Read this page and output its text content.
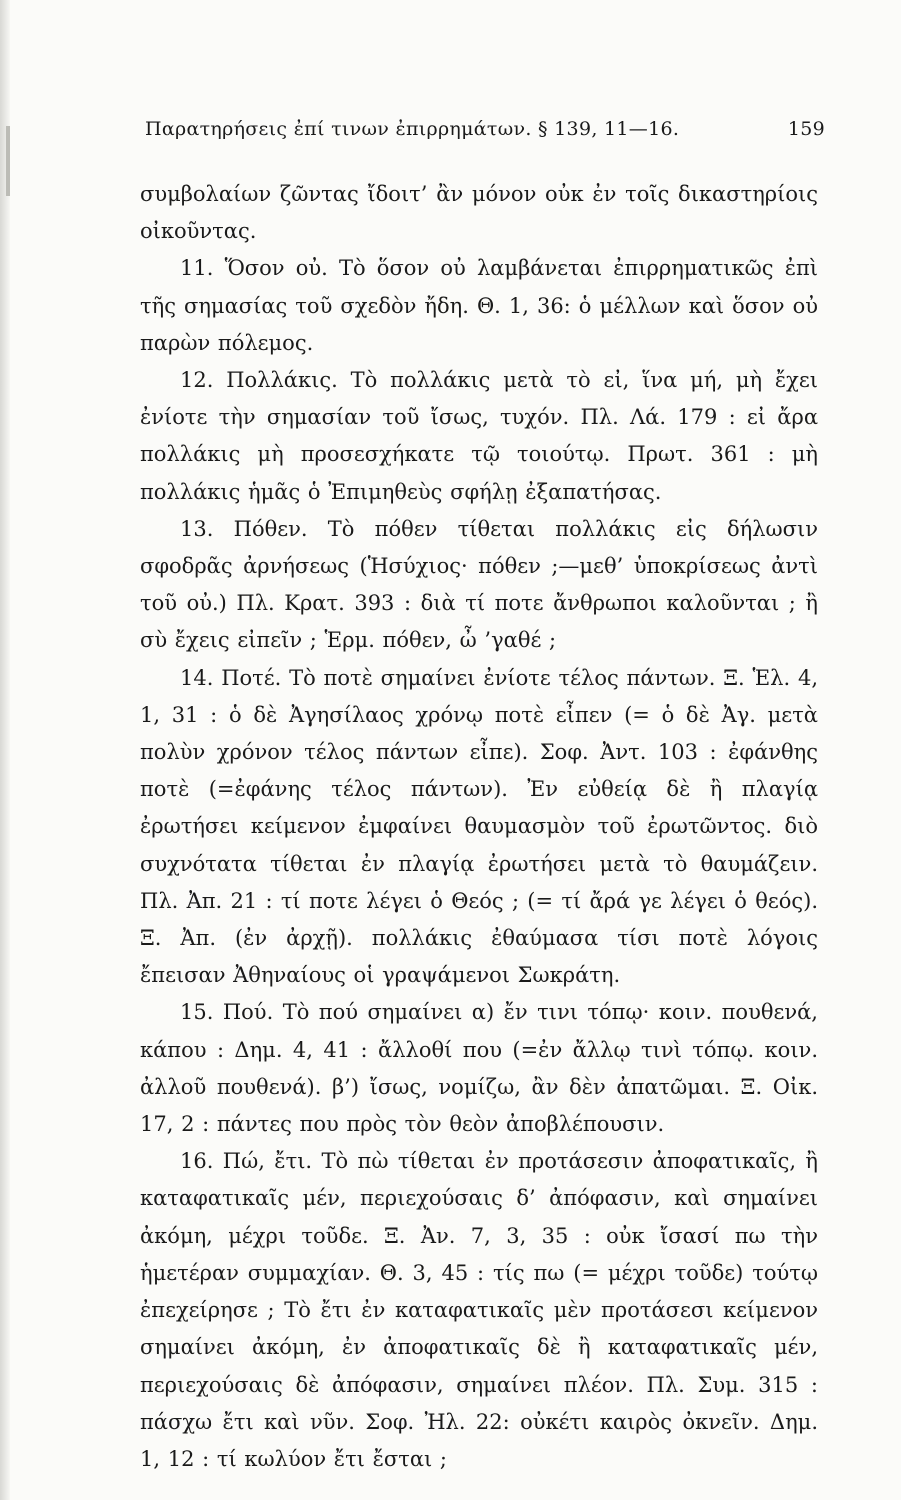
Παρατηρήσεις ἐπί τινων ἐπιρρημάτων. § 139, 11—16.	159

συμβολαίων ζῶντας ἴδοιτ’ ἂν μόνον οὐκ ἐν τοῖς δικαστηρίοις οἰκοῦντας.

11. Ὅσον οὐ. Τὸ ὅσον οὐ λαμβάνεται ἐπιρρηματικῶς ἐπὶ τῆς σημασίας τοῦ σχεδὸν ἤδη. Θ. 1, 36: ὁ μέλλων καὶ ὅσον οὐ παρὼν πόλεμος.

12. Πολλάκις. Τὸ πολλάκις μετὰ τὸ εἰ, ἵνα μή, μὴ ἔχει ἐνίοτε τὴν σημασίαν τοῦ ἴσως, τυχόν. Πλ. Λά. 179 : εἰ ἄρα πολλάκις μὴ προσεσχήκατε τῷ τοιούτῳ. Πρωτ. 361 : μὴ πολλάκις ἡμᾶς ὁ Ἐπιμηθεὺς σφήλῃ ἐξαπατήσας.

13. Πόθεν. Τὸ πόθεν τίθεται πολλάκις εἰς δήλωσιν σφοδρᾶς ἀρνήσεως (Ἡσύχιος· πόθεν ;—μεθ’ ὑποκρίσεως ἀντὶ τοῦ οὐ.) Πλ. Κρατ. 393 : διὰ τί ποτε ἄνθρωποι καλοῦνται ; ἢ σὺ ἔχεις εἰπεῖν ; Ἑρμ. πόθεν, ὦ ’γαθέ ;

14. Ποτέ. Τὸ ποτὲ σημαίνει ἐνίοτε τέλος πάντων. Ξ. Ἑλ. 4, 1, 31 : ὁ δὲ Ἀγησίλαος χρόνῳ ποτὲ εἶπεν (= ὁ δὲ Ἀγ. μετὰ πολὺν χρόνον τέλος πάντων εἶπε). Σοφ. Ἀντ. 103 : ἐφάνθης ποτὲ (=ἐφάνης τέλος πάντων). Ἐν εὐθείᾳ δὲ ἢ πλαγίᾳ ἐρωτήσει κείμενον ἐμφαίνει θαυμασμὸν τοῦ ἐρωτῶντος. διὸ συχνότατα τίθεται ἐν πλαγίᾳ ἐρωτήσει μετὰ τὸ θαυμάζειν. Πλ. Ἀπ. 21 : τί ποτε λέγει ὁ Θεός ; (= τί ἄρά γε λέγει ὁ θεός). Ξ. Ἀπ. (ἐν ἀρχῇ). πολλάκις ἐθαύμασα τίσι ποτὲ λόγοις ἔπεισαν Ἀθηναίους οἱ γραψάμενοι Σωκράτη.

15. Πού. Τὸ πού σημαίνει α) ἔν τινι τόπῳ· κοιν. πουθενά, κάπου : Δημ. 4, 41 : ἄλλοθί που (=ἐν ἄλλῳ τινὶ τόπῳ. κοιν. ἀλλοῦ πουθενά). β’) ἴσως, νομίζω, ἂν δὲν ἀπατῶμαι. Ξ. Οἰκ. 17, 2 : πάντες που πρὸς τὸν θεὸν ἀποβλέπουσιν.

16. Πώ, ἔτι. Τὸ πὼ τίθεται ἐν προτάσεσιν ἀποφατικαῖς, ἢ καταφατικαῖς μέν, περιεχούσαις δ’ ἀπόφασιν, καὶ σημαίνει ἀκόμη, μέχρι τοῦδε. Ξ. Ἀν. 7, 3, 35 : οὐκ ἴσασί πω τὴν ἡμετέραν συμμαχίαν. Θ. 3, 45 : τίς πω (= μέχρι τοῦδε) τούτῳ ἐπεχείρησε ; Τὸ ἔτι ἐν καταφατικαῖς μὲν προτάσεσι κείμενον σημαίνει ἀκόμη, ἐν ἀποφατικαῖς δὲ ἢ καταφατικαῖς μέν, περιεχούσαις δὲ ἀπόφασιν, σημαίνει πλέον. Πλ. Συμ. 315 : πάσχω ἔτι καὶ νῦν. Σοφ. Ἠλ. 22: οὐκέτι καιρὸς ὀκνεῖν. Δημ. 1, 12 : τί κωλύον ἔτι ἔσται ;
